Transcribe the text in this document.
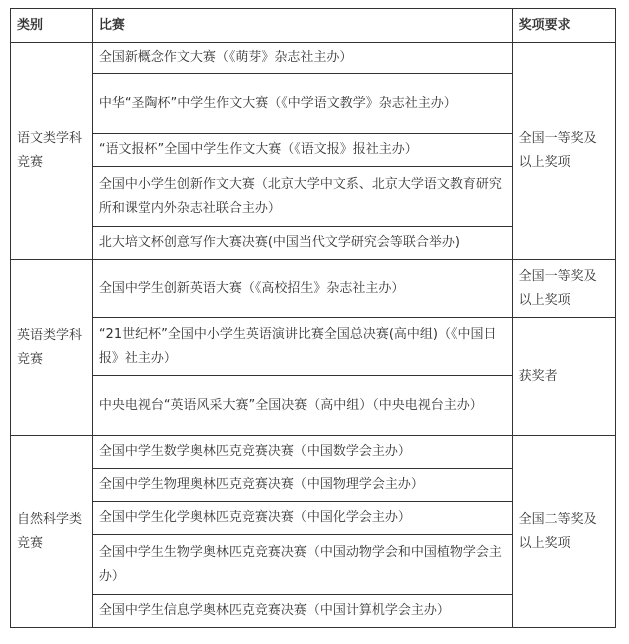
类别	比赛	奖项要求
语文类学科竞赛	全国新概念作文大赛（《萌芽》杂志社主办）	全国一等奖及以上奖项
	中华“圣陶杯”中学生作文大赛（《中学语文教学》杂志社主办）	
	“语文报杯”全国中学生作文大赛（《语文报》报社主办）	
	全国中小学生创新作文大赛（北京大学中文系、北京大学语文教育研究所和课堂内外杂志社联合主办）	
	北大培文杯创意写作大赛决赛(中国当代文学研究会等联合举办)	
英语类学科竞赛	全国中学生创新英语大赛（《高校招生》杂志社主办）	全国一等奖及以上奖项
	“21世纪杯”全国中小学生英语演讲比赛全国总决赛(高中组)（《中国日报》社主办）	获奖者
	中央电视台“英语风采大赛”全国决赛（高中组）（中央电视台主办）	
自然科学类竞赛	全国中学生数学奥林匹克竞赛决赛（中国数学会主办）	全国二等奖及以上奖项
	全国中学生物理奥林匹克竞赛决赛（中国物理学会主办）	
	全国中学生化学奥林匹克竞赛决赛（中国化学会主办）	
	全国中学生生物学奥林匹克竞赛决赛（中国动物学会和中国植物学会主办）	
	全国中学生信息学奥林匹克竞赛决赛（中国计算机学会主办）	
